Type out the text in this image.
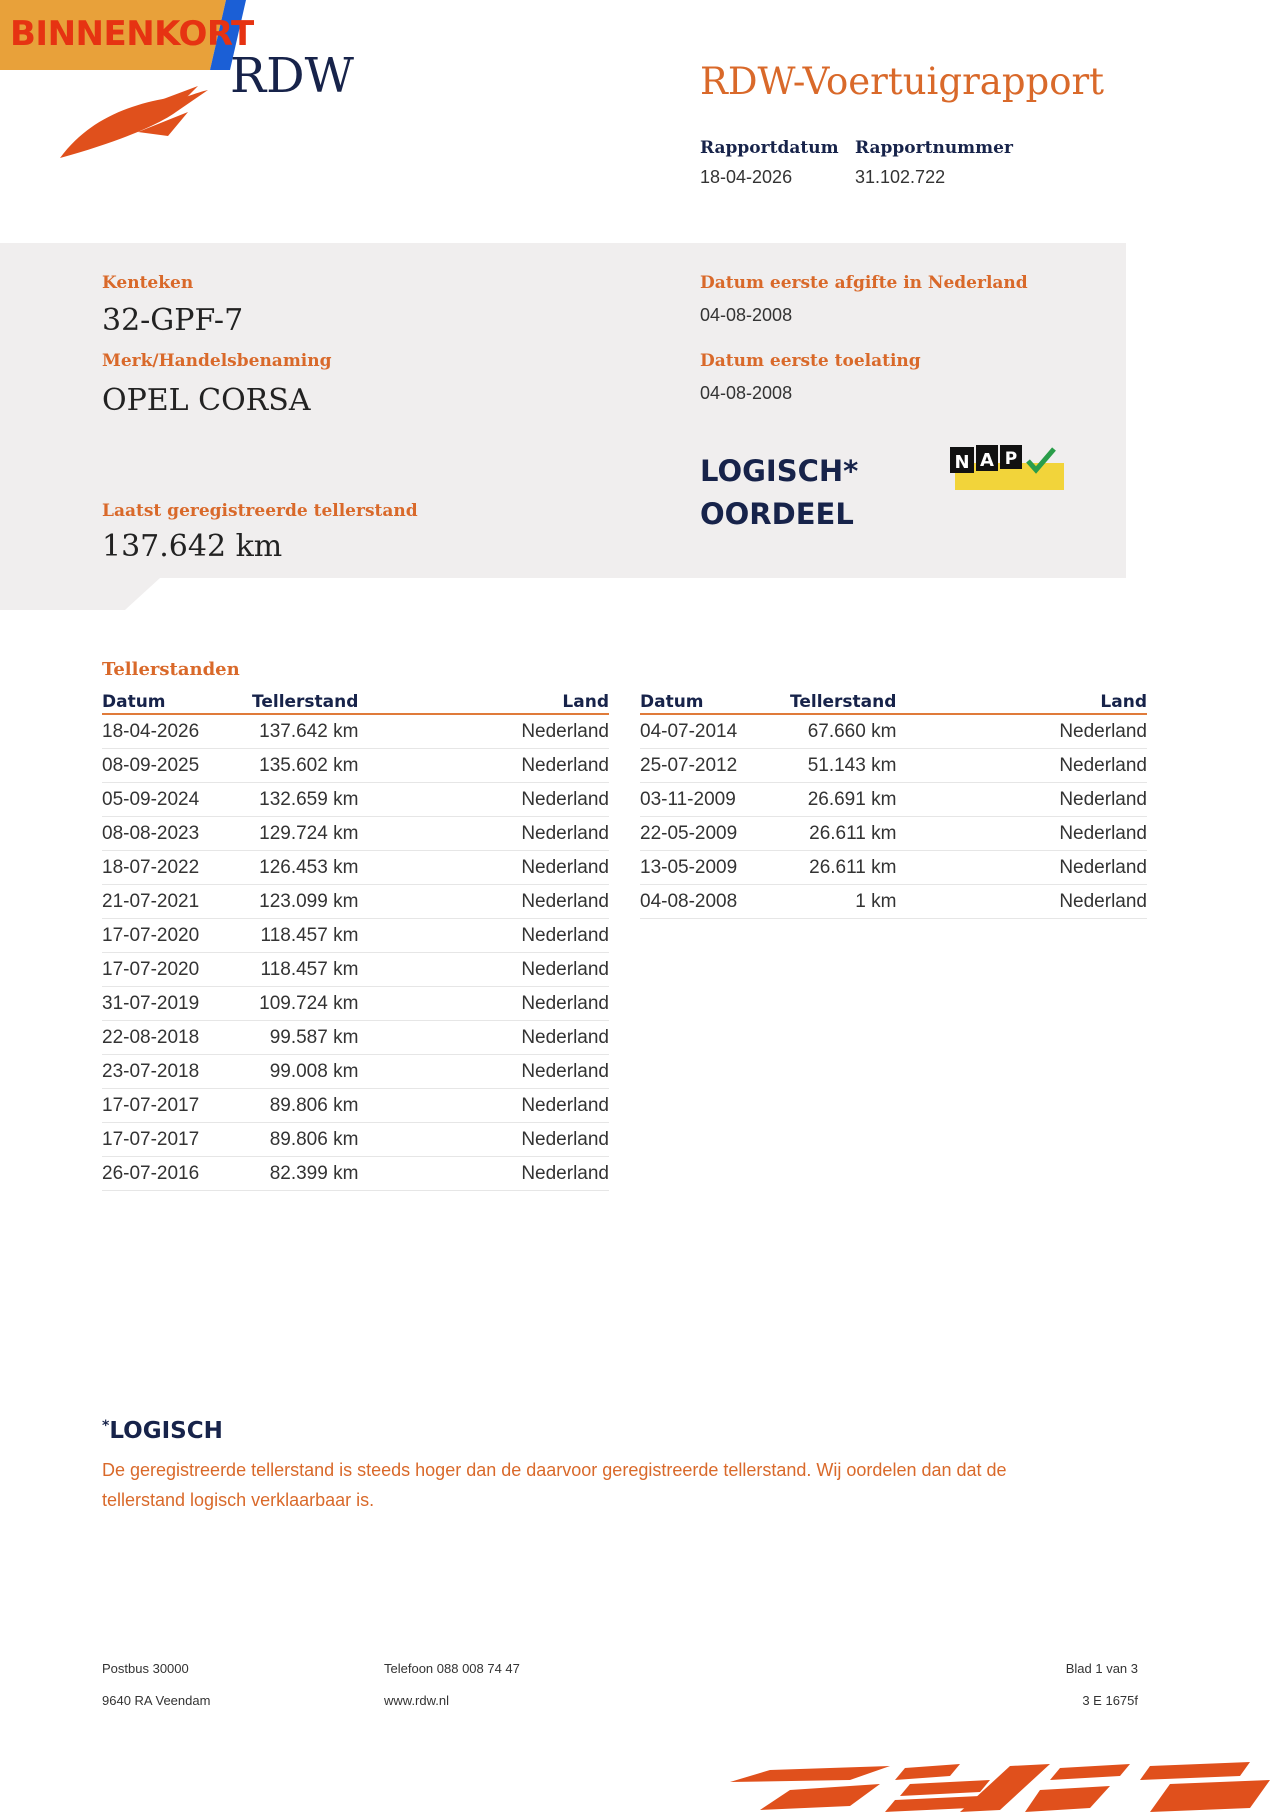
BINNENKORT
RDW	RDW-Voertuigrapport
Rapportdatum
18-04-2026
Rapportnummer
31.102.722
Kenteken
32-GPF-7
Merk/Handelsbenaming
OPEL CORSA
Laatst geregistreerde tellerstand
137.642 km
Datum eerste afgifte in Nederland
04-08-2008
Datum eerste toelating
04-08-2008
LOGISCH*
OORDEEL
N A P
Tellerstanden
Datum	Tellerstand	Land
18-04-2026	137.642 km	Nederland
08-09-2025	135.602 km	Nederland
05-09-2024	132.659 km	Nederland
08-08-2023	129.724 km	Nederland
18-07-2022	126.453 km	Nederland
21-07-2021	123.099 km	Nederland
17-07-2020	118.457 km	Nederland
17-07-2020	118.457 km	Nederland
31-07-2019	109.724 km	Nederland
22-08-2018	99.587 km	Nederland
23-07-2018	99.008 km	Nederland
17-07-2017	89.806 km	Nederland
17-07-2017	89.806 km	Nederland
26-07-2016	82.399 km	Nederland
Datum	Tellerstand	Land
04-07-2014	67.660 km	Nederland
25-07-2012	51.143 km	Nederland
03-11-2009	26.691 km	Nederland
22-05-2009	26.611 km	Nederland
13-05-2009	26.611 km	Nederland
04-08-2008	1 km	Nederland
*LOGISCH
De geregistreerde tellerstand is steeds hoger dan de daarvoor geregistreerde tellerstand. Wij oordelen dan dat de tellerstand logisch verklaarbaar is.
Postbus 30000
9640 RA Veendam
Telefoon 088 008 74 47
www.rdw.nl
Blad 1 van 3
3 E 1675f
